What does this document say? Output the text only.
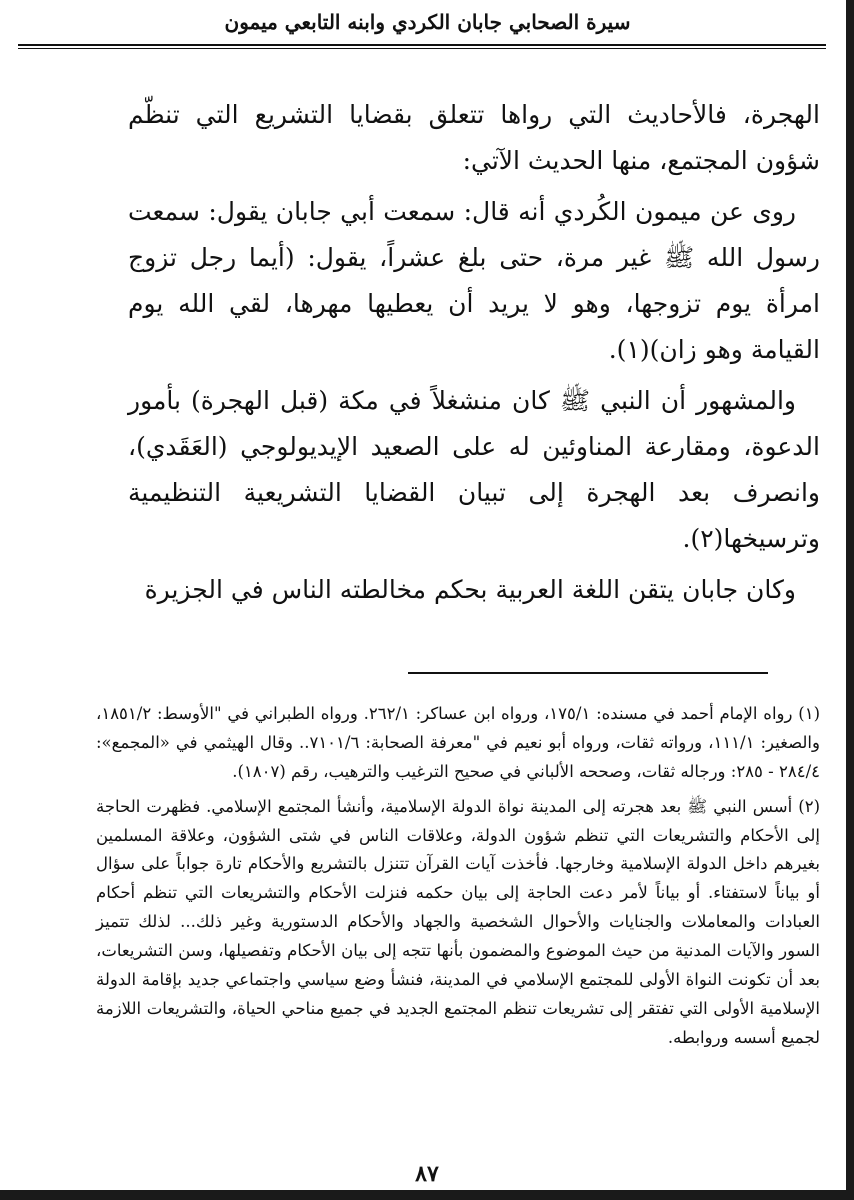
سيرة الصحابي جابان الكردي وابنه التابعي ميمون

الهجرة، فالأحاديث التي رواها تتعلق بقضايا التشريع التي تنظّم شؤون المجتمع، منها الحديث الآتي:

روى عن ميمون الكُردي أنه قال: سمعت أبي جابان يقول: سمعت رسول الله ﷺ غير مرة، حتى بلغ عشراً، يقول: (أيما رجل تزوج امرأة يوم تزوجها، وهو لا يريد أن يعطيها مهرها، لقي الله يوم القيامة وهو زان)(١).

والمشهور أن النبي ﷺ كان منشغلاً في مكة (قبل الهجرة) بأمور الدعوة، ومقارعة المناوئين له على الصعيد الإيديولوجي (العَقَدي)، وانصرف بعد الهجرة إلى تبيان القضايا التشريعية التنظيمية وترسيخها(٢).

وكان جابان يتقن اللغة العربية بحكم مخالطته الناس في الجزيرة

(١) رواه الإمام أحمد في مسنده: ١٧٥/١، ورواه ابن عساكر: ٢٦٢/١. ورواه الطبراني في "الأوسط: ١٨٥١/٢، والصغير: ١١١/١، ورواته ثقات، ورواه أبو نعيم في "معرفة الصحابة: ٧١٠١/٦.. وقال الهيثمي في «المجمع»: ٢٨٤/٤ - ٢٨٥: ورجاله ثقات، وصححه الألباني في صحيح الترغيب والترهيب، رقم (١٨٠٧).

(٢) أسس النبي ﷺ بعد هجرته إلى المدينة نواة الدولة الإسلامية، وأنشأ المجتمع الإسلامي. فظهرت الحاجة إلى الأحكام والتشريعات التي تنظم شؤون الدولة، وعلاقات الناس في شتى الشؤون، وعلاقة المسلمين بغيرهم داخل الدولة الإسلامية وخارجها. فأخذت آيات القرآن تتنزل بالتشريع والأحكام تارة جواباً على سؤال أو بياناً لاستفتاء. أو بياناً لأمر دعت الحاجة إلى بيان حكمه فنزلت الأحكام والتشريعات التي تنظم أحكام العبادات والمعاملات والجنايات والأحوال الشخصية والجهاد والأحكام الدستورية وغير ذلك... لذلك تتميز السور والآيات المدنية من حيث الموضوع والمضمون بأنها تتجه إلى بيان الأحكام وتفصيلها، وسن التشريعات، بعد أن تكونت النواة الأولى للمجتمع الإسلامي في المدينة، فنشأ وضع سياسي واجتماعي جديد بإقامة الدولة الإسلامية الأولى التي تفتقر إلى تشريعات تنظم المجتمع الجديد في جميع مناحي الحياة، والتشريعات اللازمة لجميع أسسه وروابطه.

٨٧
